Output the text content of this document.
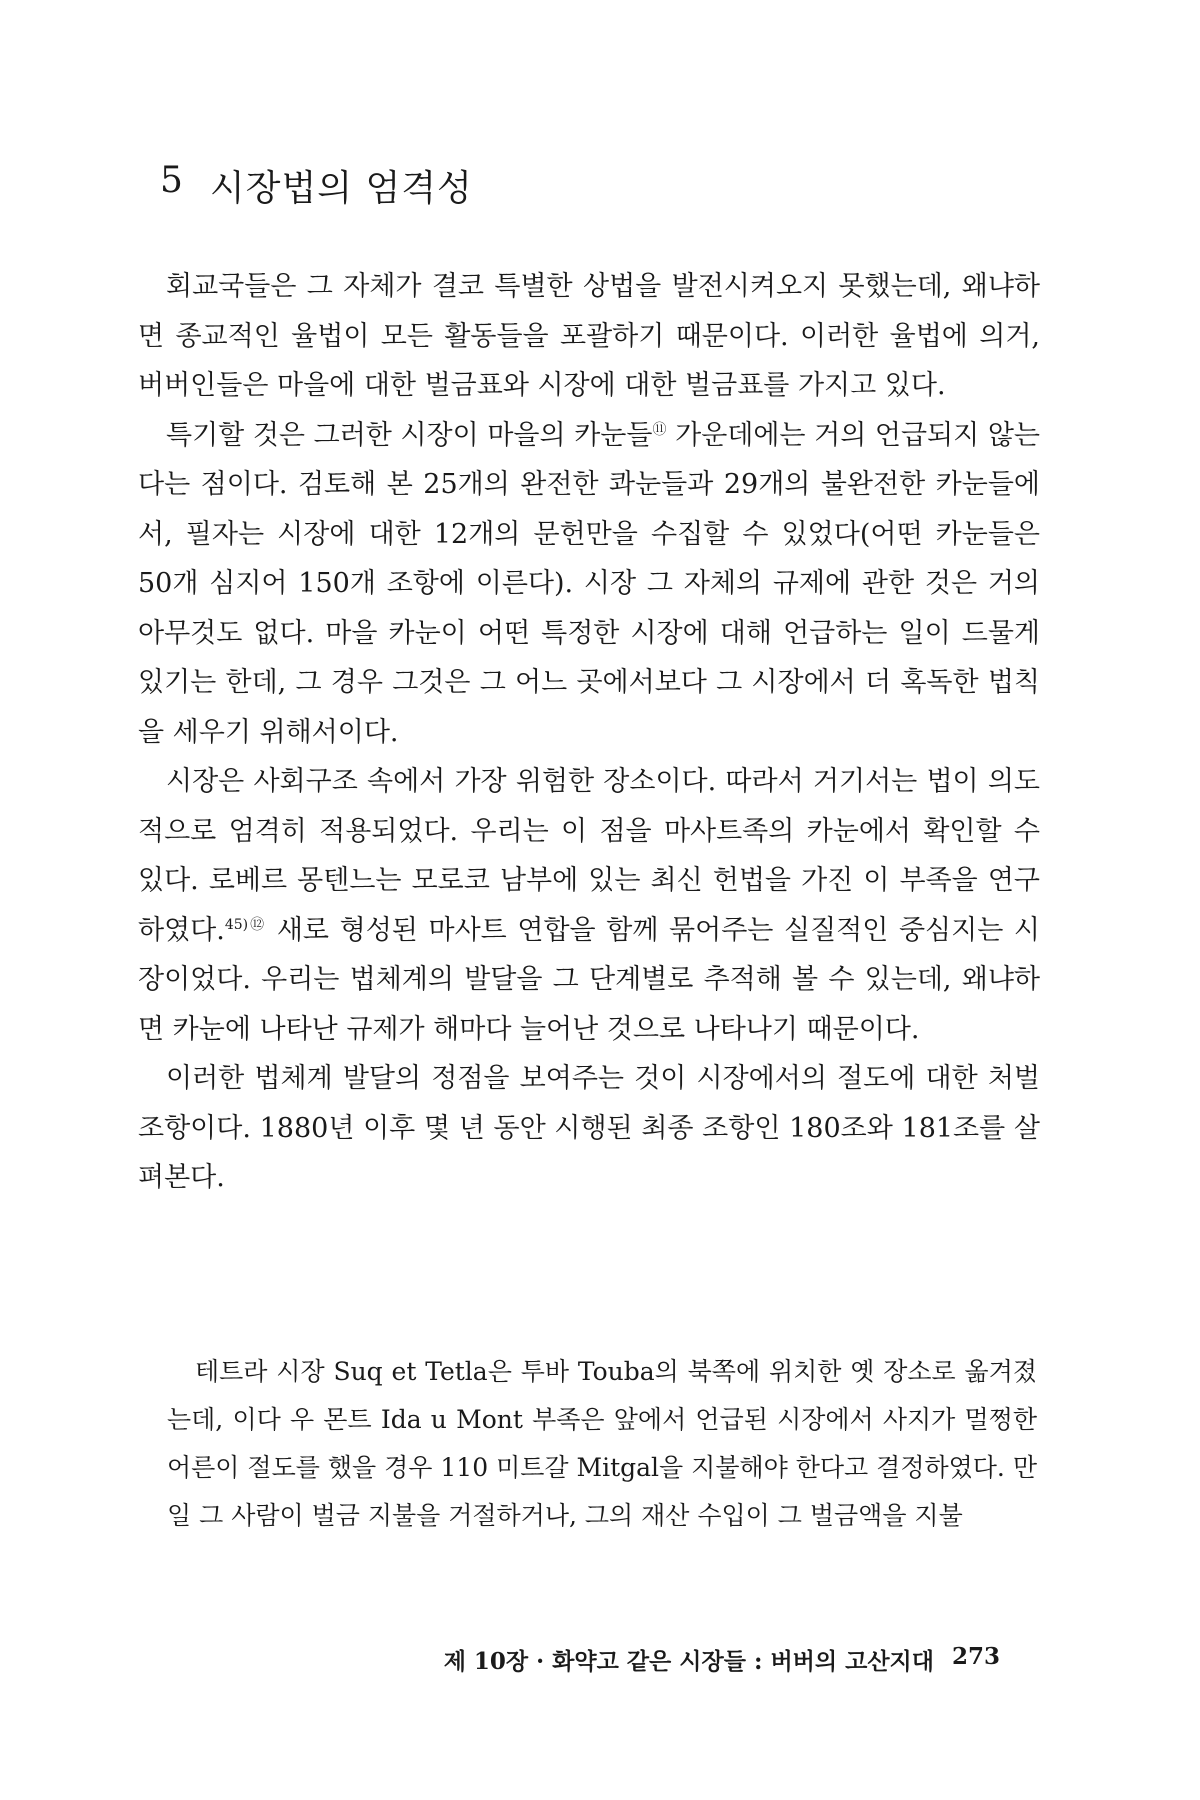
5 시장법의 엄격성

회교국들은 그 자체가 결코 특별한 상법을 발전시켜오지 못했는데, 왜냐하면 종교적인 율법이 모든 활동들을 포괄하기 때문이다. 이러한 율법에 의거, 버버인들은 마을에 대한 벌금표와 시장에 대한 벌금표를 가지고 있다.

특기할 것은 그러한 시장이 마을의 카눈들⑪ 가운데에는 거의 언급되지 않는다는 점이다. 검토해 본 25개의 완전한 콰눈들과 29개의 불완전한 카눈들에서, 필자는 시장에 대한 12개의 문헌만을 수집할 수 있었다(어떤 카눈들은 50개 심지어 150개 조항에 이른다). 시장 그 자체의 규제에 관한 것은 거의 아무것도 없다. 마을 카눈이 어떤 특정한 시장에 대해 언급하는 일이 드물게 있기는 한데, 그 경우 그것은 그 어느 곳에서보다 그 시장에서 더 혹독한 법칙을 세우기 위해서이다.

시장은 사회구조 속에서 가장 위험한 장소이다. 따라서 거기서는 법이 의도적으로 엄격히 적용되었다. 우리는 이 점을 마사트족의 카눈에서 확인할 수 있다. 로베르 몽텐느는 모로코 남부에 있는 최신 헌법을 가진 이 부족을 연구하였다.$^{45)⑫}$ 새로 형성된 마사트 연합을 함께 묶어주는 실질적인 중심지는 시장이었다. 우리는 법체계의 발달을 그 단계별로 추적해 볼 수 있는데, 왜냐하면 카눈에 나타난 규제가 해마다 늘어난 것으로 나타나기 때문이다.

이러한 법체계 발달의 정점을 보여주는 것이 시장에서의 절도에 대한 처벌 조항이다. 1880년 이후 몇 년 동안 시행된 최종 조항인 180조와 181조를 살펴본다.

테트라 시장 Suq et Tetla은 투바 Touba의 북쪽에 위치한 옛 장소로 옮겨졌는데, 이다 우 몬트 Ida u Mont 부족은 앞에서 언급된 시장에서 사지가 멀쩡한 어른이 절도를 했을 경우 110 미트갈 Mitgal을 지불해야 한다고 결정하였다. 만일 그 사람이 벌금 지불을 거절하거나, 그의 재산 수입이 그 벌금액을 지불

제 10장 · 화약고 같은 시장들 : 버버의 고산지대 273
